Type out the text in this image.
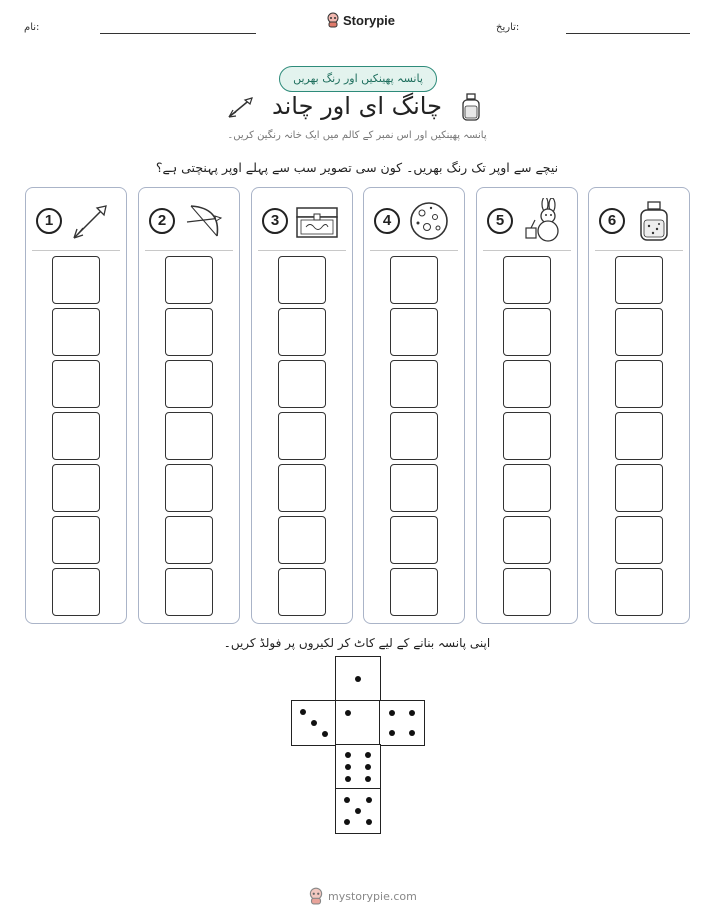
نام:	Storypie	تاریخ:
پانسہ پھینکیں اور رنگ بھریں
چانگ ای اور چاند
پانسہ پھینکیں اور اس نمبر کے کالم میں ایک خانہ رنگین کریں۔
نیچے سے اوپر تک رنگ بھریں۔ کون سی تصویر سب سے پہلے اوپر پہنچتی ہے؟
1	2	3	4	5	6
اپنی پانسہ بنانے کے لیے کاٹ کر لکیروں پر فولڈ کریں۔
mystorypie.com
